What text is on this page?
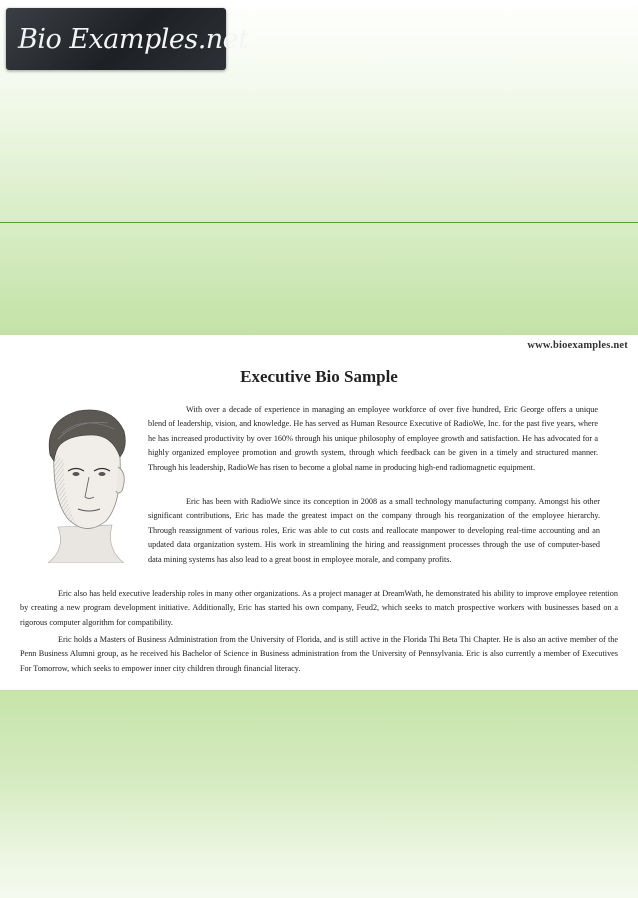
Bio Examples.net
www.bioexamples.net
Executive Bio Sample

With over a decade of experience in managing an employee workforce of over five hundred, Eric George offers a unique blend of leadership, vision, and knowledge. He has served as Human Resource Executive of RadioWe, Inc. for the past five years, where he has increased productivity by over 160% through his unique philosophy of employee growth and satisfaction. He has advocated for a highly organized employee promotion and growth system, through which feedback can be given in a timely and structured manner. Through his leadership, RadioWe has risen to become a global name in producing high-end radiomagnetic equipment.

Eric has been with RadioWe since its conception in 2008 as a small technology manufacturing company. Amongst his other significant contributions, Eric has made the greatest impact on the company through his reorganization of the employee hierarchy. Through reassignment of various roles, Eric was able to cut costs and reallocate manpower to developing real-time accounting and an updated data organization system. His work in streamlining the hiring and reassignment processes through the use of computer-based data mining systems has also lead to a great boost in employee morale, and company profits.

Eric also has held executive leadership roles in many other organizations. As a project manager at DreamWath, he demonstrated his ability to improve employee retention by creating a new program development initiative. Additionally, Eric has started his own company, Feud2, which seeks to match prospective workers with businesses based on a rigorous computer algorithm for compatibility.

Eric holds a Masters of Business Administration from the University of Florida, and is still active in the Florida Thi Beta Thi Chapter. He is also an active member of the Penn Business Alumni group, as he received his Bachelor of Science in Business administration from the University of Pennsylvania. Eric is also currently a member of Executives For Tomorrow, which seeks to empower inner city children through financial literacy.
